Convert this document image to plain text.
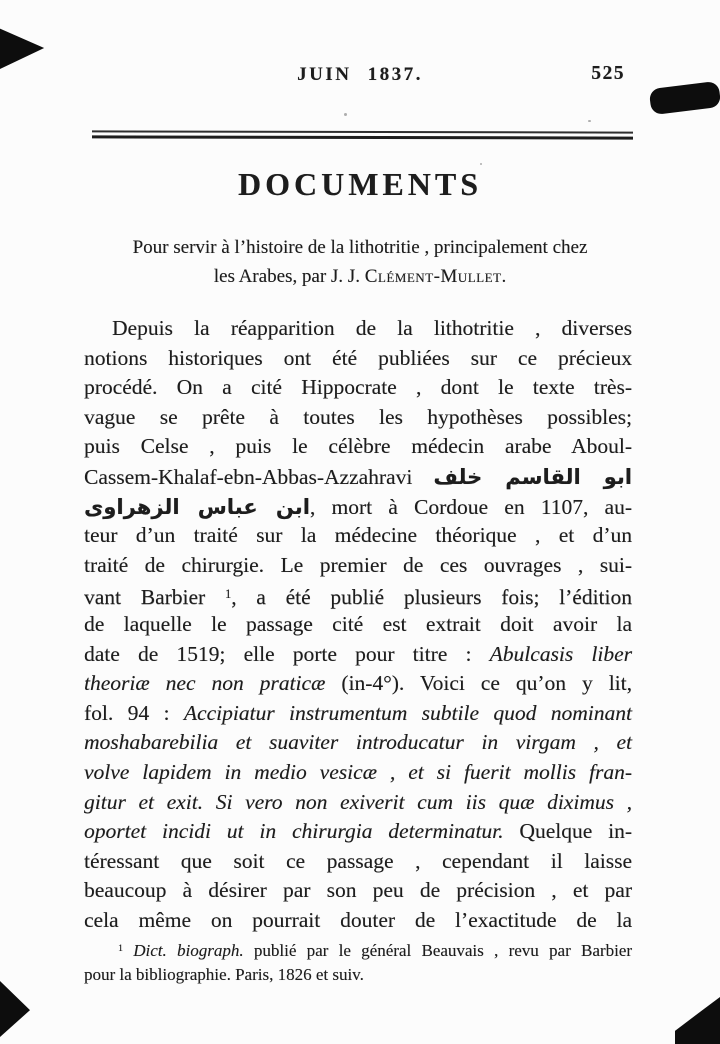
JUIN 1837.	525
DOCUMENTS
Pour servir à l’histoire de la lithotritie , principalement chez
les Arabes, par J. J. Clément-Mullet.
Depuis la réapparition de la lithotritie , diverses
notions historiques ont été publiées sur ce précieux
procédé. On a cité Hippocrate , dont le texte très-
vague se prête à toutes les hypothèses possibles;
puis Celse , puis le célèbre médecin arabe Aboul-
Cassem-Khalaf-ebn-Abbas-Azzahravi ابو القاسم خلف
ابن عباس الزهراوى, mort à Cordoue en 1107, au-
teur d’un traité sur la médecine théorique , et d’un
traité de chirurgie. Le premier de ces ouvrages , sui-
vant Barbier $^1$, a été publié plusieurs fois; l’édition
de laquelle le passage cité est extrait doit avoir la
date de 1519; elle porte pour titre : Abulcasis liber
theoriæ nec non praticæ (in-4°). Voici ce qu’on y lit,
fol. 94 : Accipiatur instrumentum subtile quod nominant
moshabarebilia et suaviter introducatur in virgam , et
volve lapidem in medio vesicæ , et si fuerit mollis fran-
gitur et exit. Si vero non exiverit cum iis quæ diximus ,
oportet incidi ut in chirurgia determinatur. Quelque in-
téressant que soit ce passage , cependant il laisse
beaucoup à désirer par son peu de précision , et par
cela même on pourrait douter de l’exactitude de la
$^1$ Dict. biograph. publié par le général Beauvais , revu par Barbier
pour la bibliographie. Paris, 1826 et suiv.
